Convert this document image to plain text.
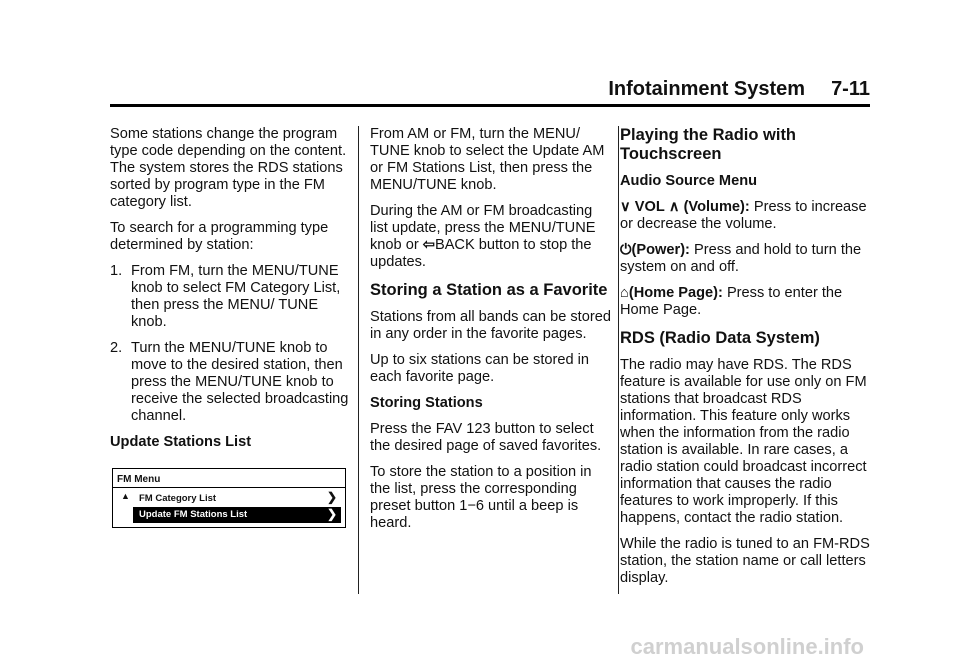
Infotainment System 7-11

Some stations change the program type code depending on the content. The system stores the RDS stations sorted by program type in the FM category list.

To search for a programming type determined by station:

1. From FM, turn the MENU/TUNE knob to select FM Category List, then press the MENU/ TUNE knob.
2. Turn the MENU/TUNE knob to move to the desired station, then press the MENU/TUNE knob to receive the selected broadcasting channel.

Update Stations List

FM Menu
▲ FM Category List	❯
Update FM Stations List	❯

From AM or FM, turn the MENU/ TUNE knob to select the Update AM or FM Stations List, then press the MENU/TUNE knob.

During the AM or FM broadcasting list update, press the MENU/TUNE knob or ⇦BACK button to stop the updates.

Storing a Station as a Favorite

Stations from all bands can be stored in any order in the favorite pages.

Up to six stations can be stored in each favorite page.

Storing Stations

Press the FAV 123 button to select the desired page of saved favorites.

To store the station to a position in the list, press the corresponding preset button 1−6 until a beep is heard.

Playing the Radio with Touchscreen

Audio Source Menu

∨ VOL ∧ (Volume): Press to increase or decrease the volume.

⏻(Power): Press and hold to turn the system on and off.

⌂(Home Page): Press to enter the Home Page.

RDS (Radio Data System)

The radio may have RDS. The RDS feature is available for use only on FM stations that broadcast RDS information. This feature only works when the information from the radio station is available. In rare cases, a radio station could broadcast incorrect information that causes the radio features to work improperly. If this happens, contact the radio station.

While the radio is tuned to an FM-RDS station, the station name or call letters display.

carmanualsonline.info
